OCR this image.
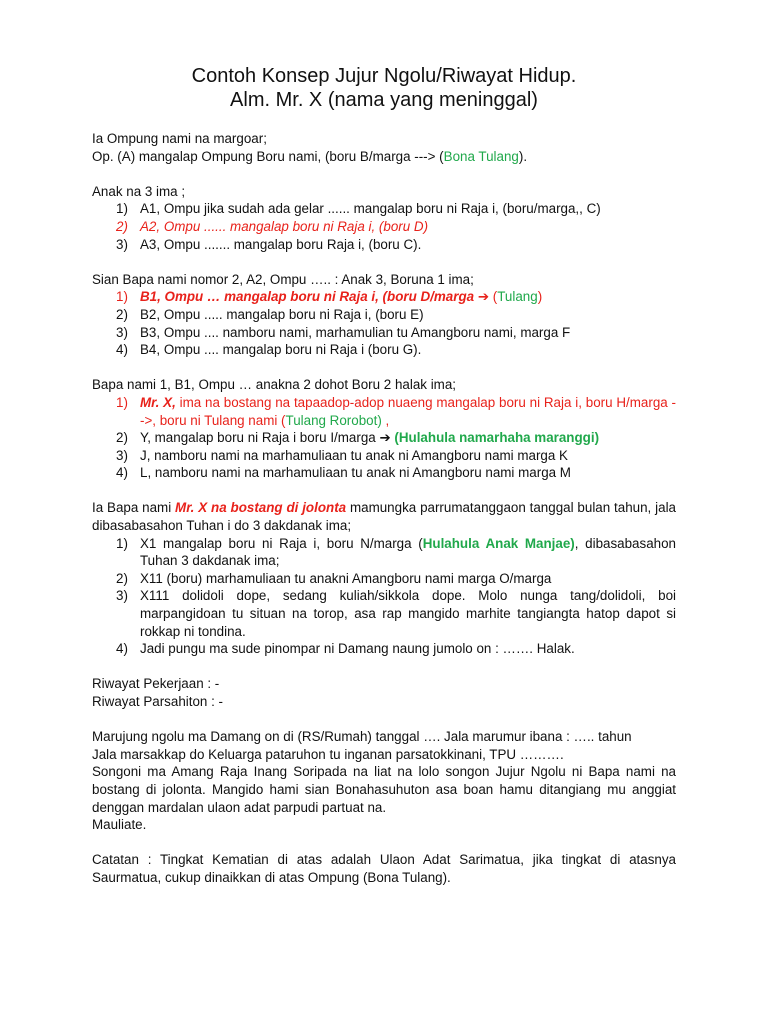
Contoh Konsep Jujur Ngolu/Riwayat Hidup.
Alm. Mr. X (nama yang meninggal)
Ia Ompung nami na margoar;
Op. (A) mangalap Ompung Boru nami, (boru B/marga ---> (Bona Tulang).
Anak na 3 ima ;
1) A1, Ompu jika sudah ada gelar ...... mangalap boru ni Raja i, (boru/marga,, C)
2) A2, Ompu ...... mangalap boru ni Raja i, (boru D)
3) A3, Ompu ....... mangalap boru Raja i, (boru C).
Sian Bapa nami nomor 2, A2, Ompu ….. : Anak 3, Boruna 1 ima;
1) B1, Ompu … mangalap boru ni Raja i, (boru D/marga ➔ (Tulang)
2) B2, Ompu ..... mangalap boru ni Raja i, (boru E)
3) B3, Ompu .... namboru nami, marhamulian tu Amangboru nami, marga F
4) B4, Ompu .... mangalap boru ni Raja i (boru G).
Bapa nami 1, B1, Ompu … anakna 2 dohot Boru 2 halak ima;
1) Mr. X, ima na bostang na tapaadop-adop nuaeng mangalap boru ni Raja i, boru H/marga -->, boru ni Tulang nami (Tulang Rorobot) ,
2) Y, mangalap boru ni Raja i boru I/marga ➔ (Hulahula namarhaha maranggi)
3) J, namboru nami na marhamuliaan tu anak ni Amangboru nami marga K
4) L, namboru nami na marhamuliaan tu anak ni Amangboru nami marga M
Ia Bapa nami Mr. X na bostang di jolonta mamungka parrumatanggaon tanggal bulan tahun, jala dibasabasahon Tuhan i do 3 dakdanak ima;
1) X1 mangalap boru ni Raja i, boru N/marga (Hulahula Anak Manjae), dibasabasahon Tuhan 3 dakdanak ima;
2) X11 (boru) marhamuliaan tu anakni Amangboru nami marga O/marga
3) X111 dolidoli dope, sedang kuliah/sikkola dope. Molo nunga tang/dolidoli, boi marpangidoan tu situan na torop, asa rap mangido marhite tangiangta hatop dapot si rokkap ni tondina.
4) Jadi pungu ma sude pinompar ni Damang naung jumolo on : ……. Halak.
Riwayat Pekerjaan : -
Riwayat Parsahiton : -
Marujung ngolu ma Damang on di (RS/Rumah) tanggal …. Jala marumur ibana : ….. tahun
Jala marsakkap do Keluarga pataruhon tu inganan parsatokkinani, TPU ……….
Songoni ma Amang Raja Inang Soripada na liat na lolo songon Jujur Ngolu ni Bapa nami na bostang di jolonta. Mangido hami sian Bonahasuhuton asa boan hamu ditangiang mu anggiat denggan mardalan ulaon adat parpudi partuat na.
Mauliate.
Catatan : Tingkat Kematian di atas adalah Ulaon Adat Sarimatua, jika tingkat di atasnya Saurmatua, cukup dinaikkan di atas Ompung (Bona Tulang).
